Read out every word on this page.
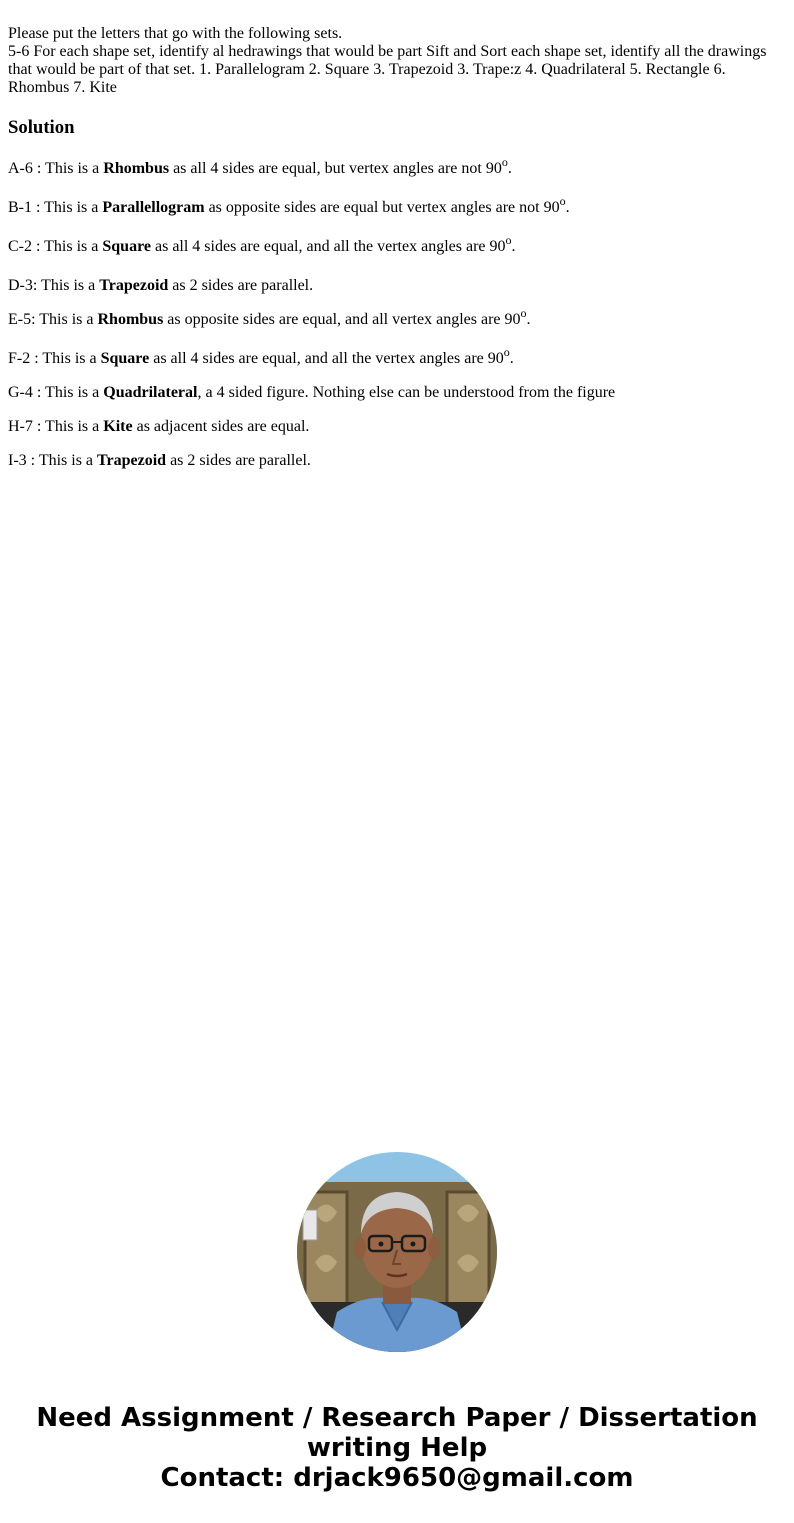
Please put the letters that go with the following sets.

5-6 For each shape set, identify al hedrawings that would be part Sift and Sort each shape set, identify all the drawings that would be part of that set. 1. Parallelogram 2. Square 3. Trapezoid 3. Trape:z 4. Quadrilateral 5. Rectangle 6. Rhombus 7. Kite

Solution

A-6 : This is a Rhombus as all 4 sides are equal, but vertex angles are not 90$^o$.

B-1 : This is a Parallellogram as opposite sides are equal but vertex angles are not 90$^o$.

C-2 : This is a Square as all 4 sides are equal, and all the vertex angles are 90$^o$.

D-3: This is a Trapezoid as 2 sides are parallel.

E-5: This is a Rhombus as opposite sides are equal, and all vertex angles are 90$^o$.

F-2 : This is a Square as all 4 sides are equal, and all the vertex angles are 90$^o$.

G-4 : This is a Quadrilateral, a 4 sided figure. Nothing else can be understood from the figure

H-7 : This is a Kite as adjacent sides are equal.

I-3 : This is a Trapezoid as 2 sides are parallel.

Need Assignment / Research Paper / Dissertation
writing Help
Contact: drjack9650@gmail.com
